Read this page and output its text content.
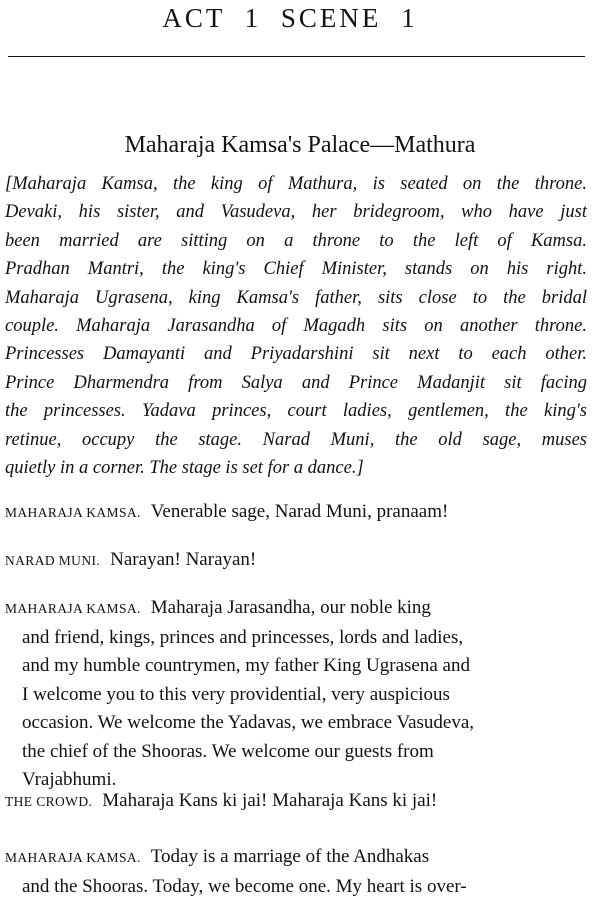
ACT 1 SCENE 1
Maharaja Kamsa's Palace—Mathura
[Maharaja Kamsa, the king of Mathura, is seated on the throne.
Devaki, his sister, and Vasudeva, her bridegroom, who have just
been married are sitting on a throne to the left of Kamsa.
Pradhan Mantri, the king's Chief Minister, stands on his right.
Maharaja Ugrasena, king Kamsa's father, sits close to the bridal
couple. Maharaja Jarasandha of Magadh sits on another throne.
Princesses Damayanti and Priyadarshini sit next to each other.
Prince Dharmendra from Salya and Prince Madanjit sit facing
the princesses. Yadava princes, court ladies, gentlemen, the king's
retinue, occupy the stage. Narad Muni, the old sage, muses
quietly in a corner. The stage is set for a dance.]
MAHARAJA KAMSA. Venerable sage, Narad Muni, pranaam!
NARAD MUNI. Narayan! Narayan!
MAHARAJA KAMSA. Maharaja Jarasandha, our noble king
and friend, kings, princes and princesses, lords and ladies,
and my humble countrymen, my father King Ugrasena and
I welcome you to this very providential, very auspicious
occasion. We welcome the Yadavas, we embrace Vasudeva,
the chief of the Shooras. We welcome our guests from
Vrajabhumi.
THE CROWD. Maharaja Kans ki jai! Maharaja Kans ki jai!
MAHARAJA KAMSA. Today is a marriage of the Andhakas
and the Shooras. Today, we become one. My heart is over-
